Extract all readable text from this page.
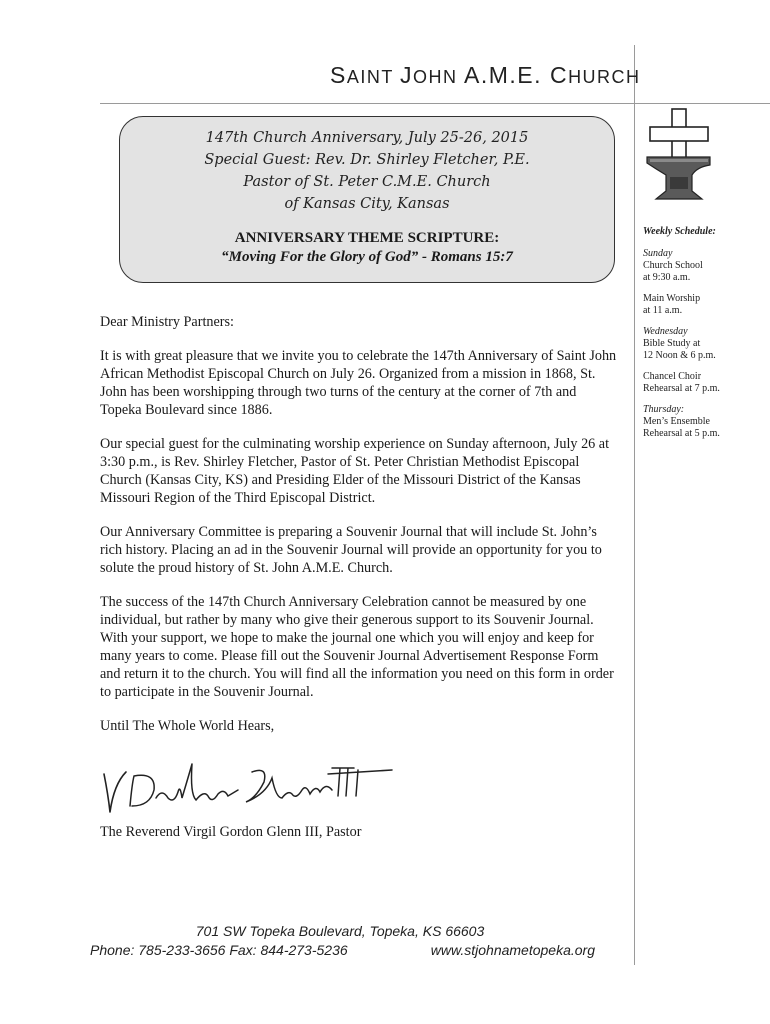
SAINT JOHN A.M.E. CHURCH
147th Church Anniversary, July 25-26, 2015
Special Guest: Rev. Dr. Shirley Fletcher, P.E.
Pastor of St. Peter C.M.E. Church
of Kansas City, Kansas
ANNIVERSARY THEME SCRIPTURE:
“Moving For the Glory of God” - Romans 15:7
Weekly Schedule:
Sunday
Church School
at 9:30 a.m.
Main Worship
at 11 a.m.
Wednesday
Bible Study at
12 Noon & 6 p.m.
Chancel Choir
Rehearsal at 7 p.m.
Thursday:
Men’s Ensemble
Rehearsal at 5 p.m.

Dear Ministry Partners:

It is with great pleasure that we invite you to celebrate the 147th Anniversary of Saint John African Methodist Episcopal Church on July 26. Organized from a mission in 1868, St. John has been worshipping through two turns of the century at the corner of 7th and Topeka Boulevard since 1886.

Our special guest for the culminating worship experience on Sunday afternoon, July 26 at 3:30 p.m., is Rev. Shirley Fletcher, Pastor of St. Peter Christian Methodist Episcopal Church (Kansas City, KS) and Presiding Elder of the Missouri District of the Kansas Missouri Region of the Third Episcopal District.

Our Anniversary Committee is preparing a Souvenir Journal that will include St. John’s rich history. Placing an ad in the Souvenir Journal will provide an opportunity for you to solute the proud history of St. John A.M.E. Church.

The success of the 147th Church Anniversary Celebration cannot be measured by one individual, but rather by many who give their generous support to its Souvenir Journal. With your support, we hope to make the journal one which you will enjoy and keep for many years to come. Please fill out the Souvenir Journal Advertisement Response Form and return it to the church. You will find all the information you need on this form in order to participate in the Souvenir Journal.

Until The Whole World Hears,

The Reverend Virgil Gordon Glenn III, Pastor
701 SW Topeka Boulevard, Topeka, KS 66603
Phone: 785-233-3656 Fax: 844-273-5236	www.stjohnametopeka.org
